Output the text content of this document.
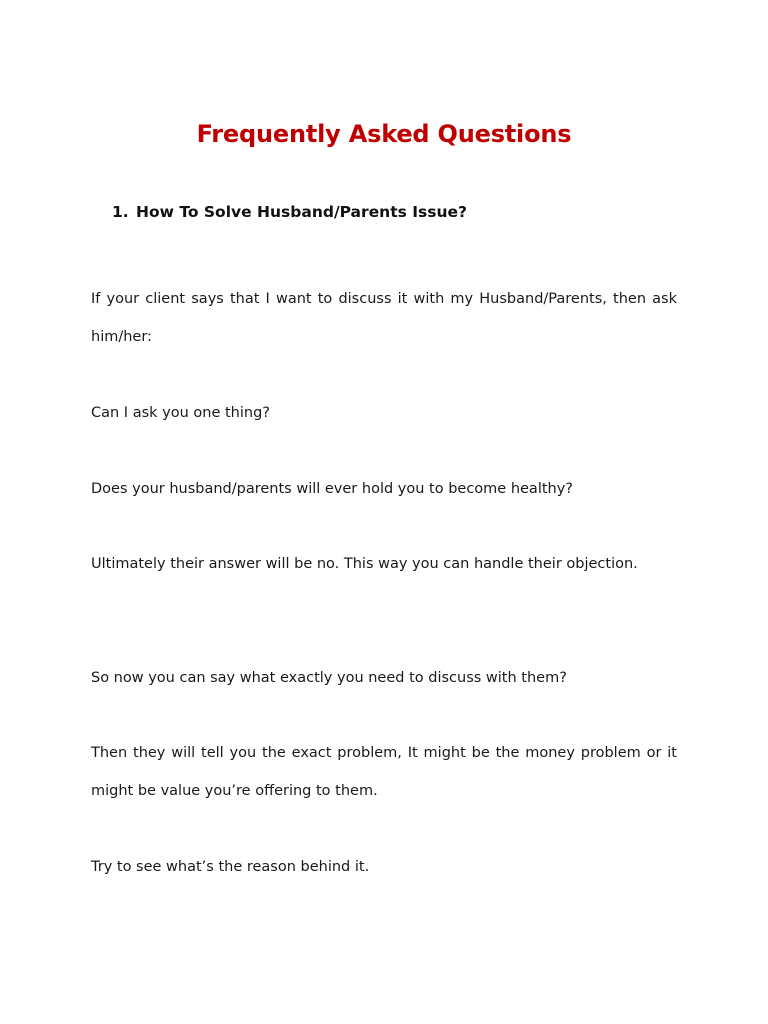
Frequently Asked Questions
1. How To Solve Husband/Parents Issue?

If your client says that I want to discuss it with my Husband/Parents, then ask him/her:

Can I ask you one thing?

Does your husband/parents will ever hold you to become healthy?

Ultimately their answer will be no. This way you can handle their objection.

So now you can say what exactly you need to discuss with them?

Then they will tell you the exact problem, It might be the money problem or it might be value you’re offering to them.

Try to see what’s the reason behind it.
